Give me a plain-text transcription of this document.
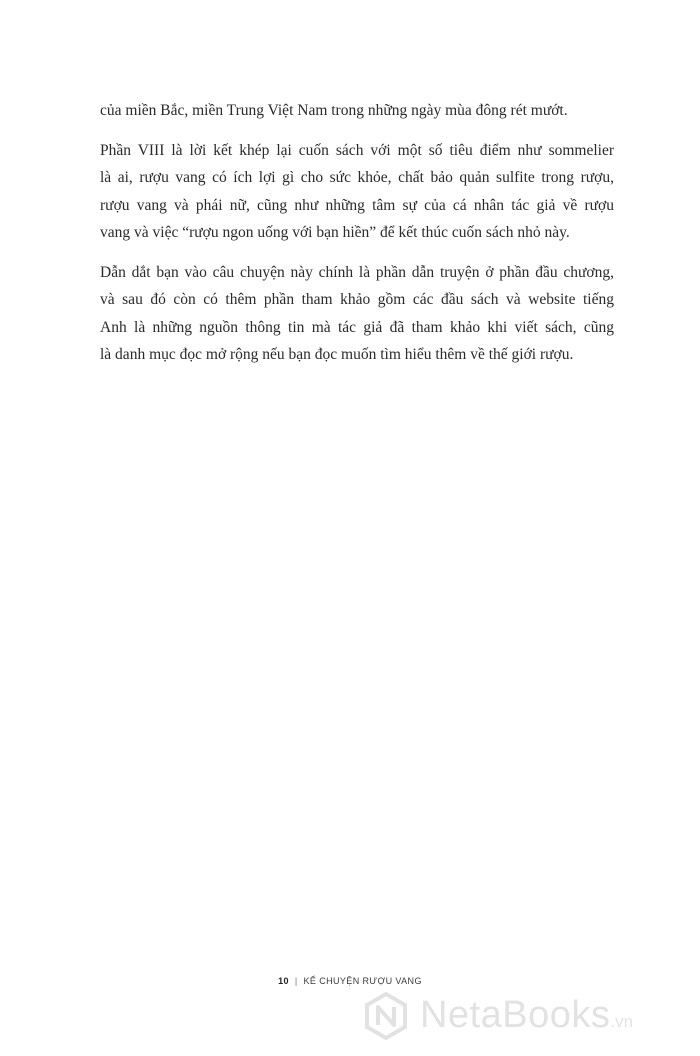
của miền Bắc, miền Trung Việt Nam trong những ngày mùa đông rét mướt.

Phần VIII là lời kết khép lại cuốn sách với một số tiêu điểm như sommelier
là ai, rượu vang có ích lợi gì cho sức khỏe, chất bảo quản sulfite trong rượu,
rượu vang và phái nữ, cũng như những tâm sự của cá nhân tác giả về rượu
vang và việc “rượu ngon uống với bạn hiền” để kết thúc cuốn sách nhỏ này.

Dẫn dắt bạn vào câu chuyện này chính là phần dẫn truyện ở phần đầu chương,
và sau đó còn có thêm phần tham khảo gồm các đầu sách và website tiếng
Anh là những nguồn thông tin mà tác giả đã tham khảo khi viết sách, cũng
là danh mục đọc mở rộng nếu bạn đọc muốn tìm hiểu thêm về thế giới rượu.

10 | KỂ CHUYỆN RƯỢU VANG
NetaBooks.vn
